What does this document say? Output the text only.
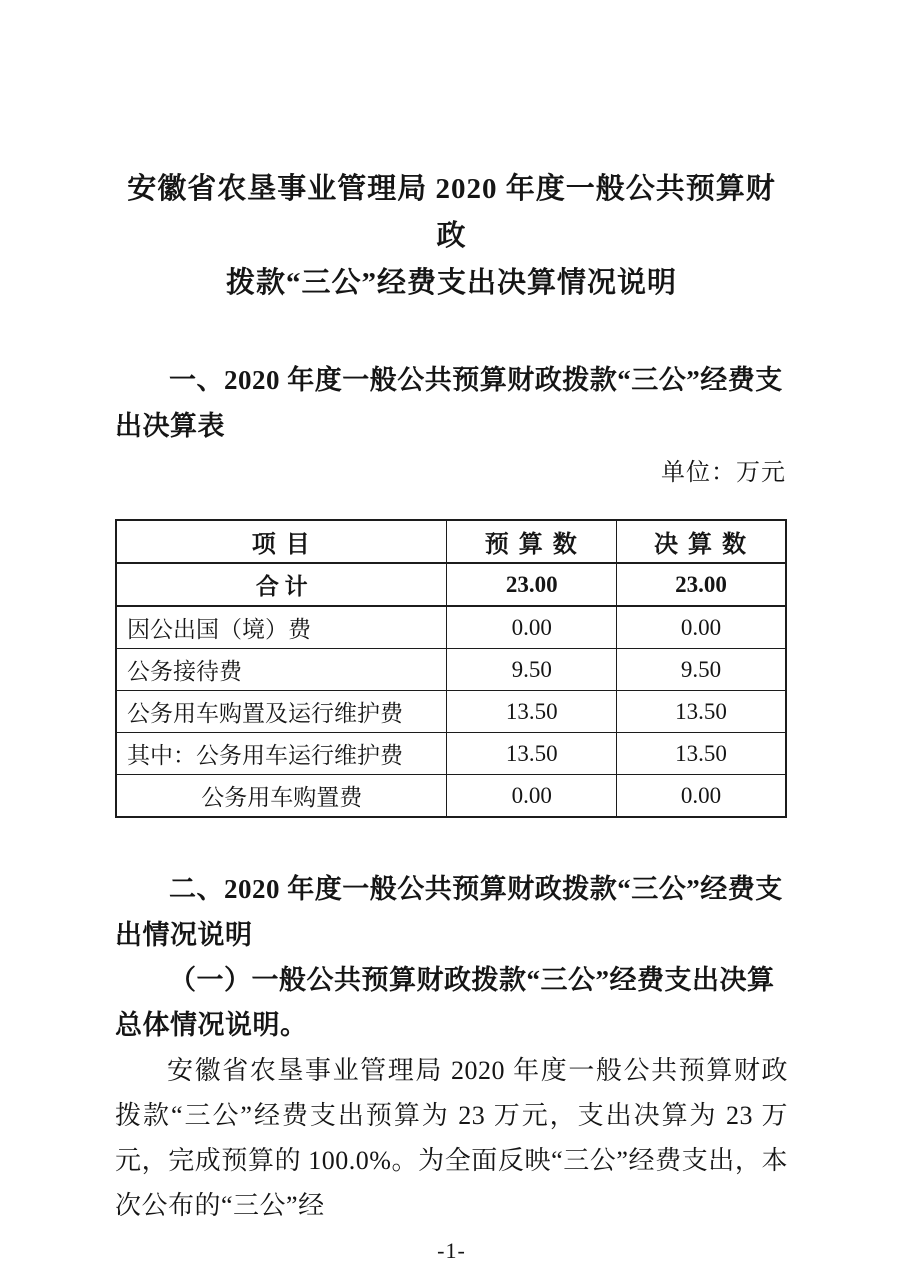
安徽省农垦事业管理局 2020 年度一般公共预算财政
拨款“三公”经费支出决算情况说明

一、2020 年度一般公共预算财政拨款“三公”经费支出决算表

单位：万元

项 目	预 算 数	决 算 数
合 计	23.00	23.00
因公出国（境）费	0.00	0.00
公务接待费	9.50	9.50
公务用车购置及运行维护费	13.50	13.50
其中：公务用车运行维护费	13.50	13.50
公务用车购置费	0.00	0.00

二、2020 年度一般公共预算财政拨款“三公”经费支出情况说明

（一）一般公共预算财政拨款“三公”经费支出决算总体情况说明。

安徽省农垦事业管理局 2020 年度一般公共预算财政拨款“三公”经费支出预算为 23 万元，支出决算为 23 万元，完成预算的 100.0%。为全面反映“三公”经费支出，本次公布的“三公”经

-1-
